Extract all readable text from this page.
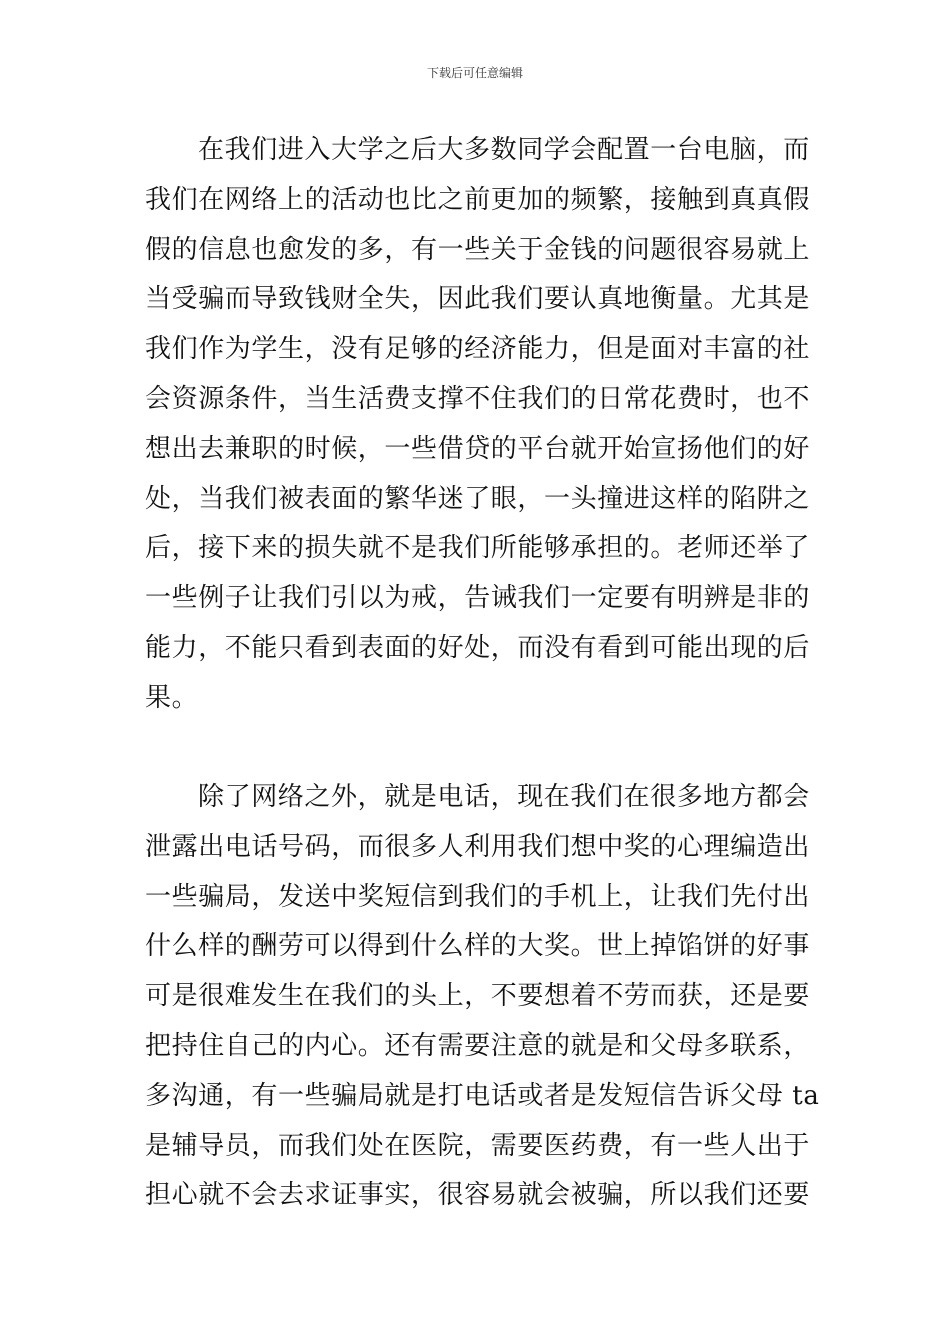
下载后可任意编辑
在我们进入大学之后大多数同学会配置一台电脑，而
我们在网络上的活动也比之前更加的频繁，接触到真真假
假的信息也愈发的多，有一些关于金钱的问题很容易就上
当受骗而导致钱财全失，因此我们要认真地衡量。尤其是
我们作为学生，没有足够的经济能力，但是面对丰富的社
会资源条件，当生活费支撑不住我们的日常花费时，也不
想出去兼职的时候，一些借贷的平台就开始宣扬他们的好
处，当我们被表面的繁华迷了眼，一头撞进这样的陷阱之
后，接下来的损失就不是我们所能够承担的。老师还举了
一些例子让我们引以为戒，告诫我们一定要有明辨是非的
能力，不能只看到表面的好处，而没有看到可能出现的后
果。
除了网络之外，就是电话，现在我们在很多地方都会
泄露出电话号码，而很多人利用我们想中奖的心理编造出
一些骗局，发送中奖短信到我们的手机上，让我们先付出
什么样的酬劳可以得到什么样的大奖。世上掉馅饼的好事
可是很难发生在我们的头上，不要想着不劳而获，还是要
把持住自己的内心。还有需要注意的就是和父母多联系，
多沟通，有一些骗局就是打电话或者是发短信告诉父母 ta
是辅导员，而我们处在医院，需要医药费，有一些人出于
担心就不会去求证事实，很容易就会被骗，所以我们还要
